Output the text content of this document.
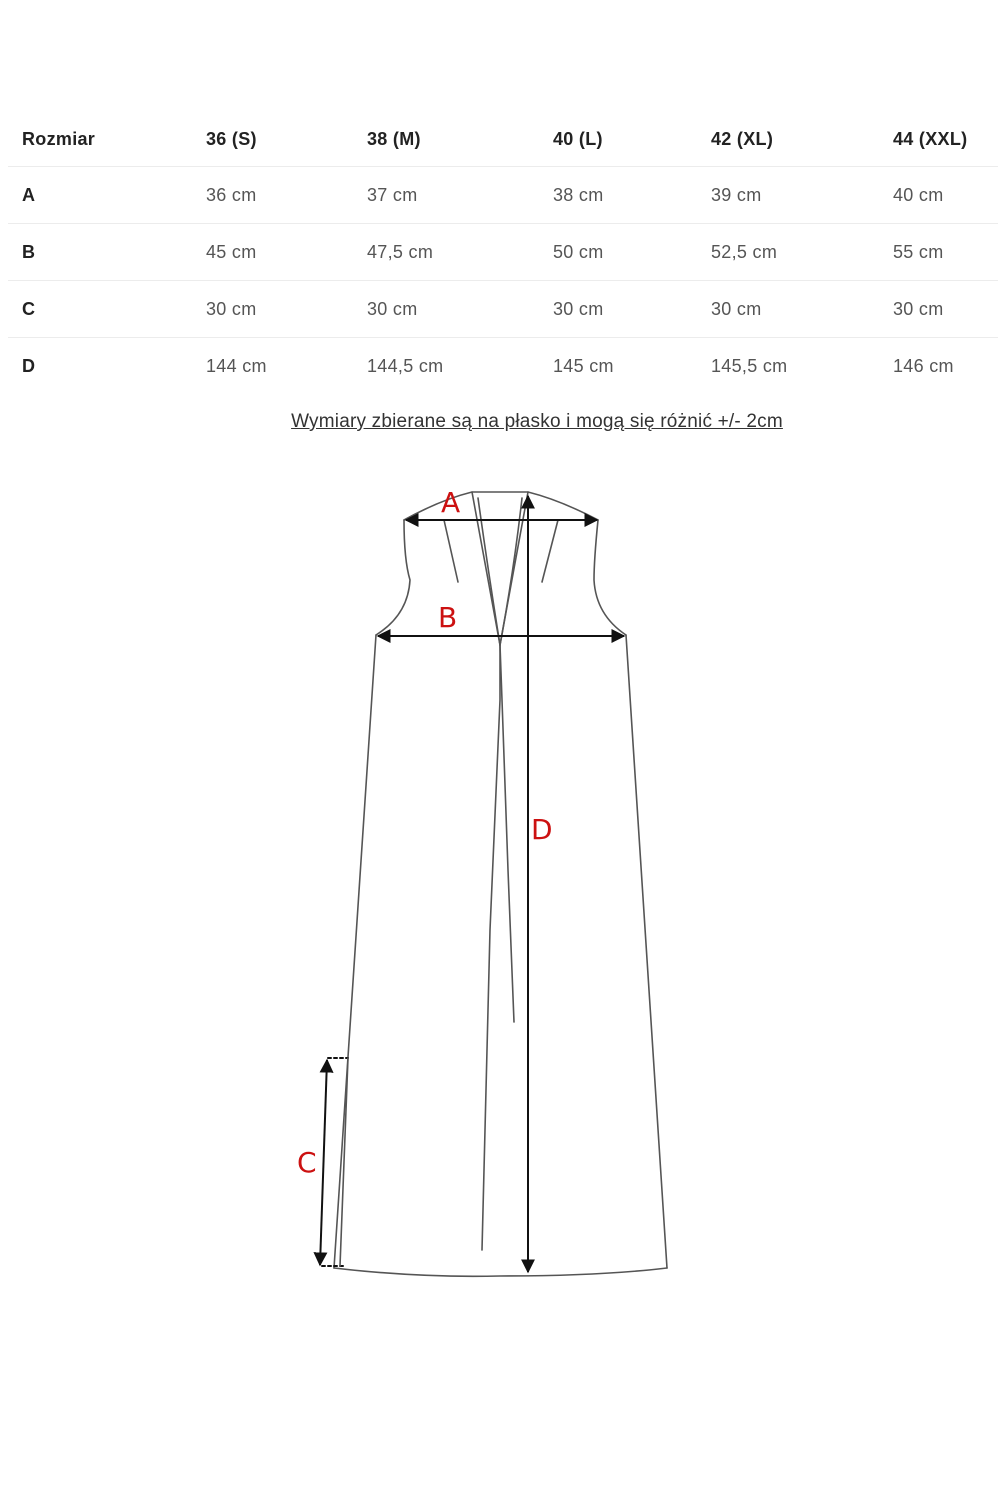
Rozmiar	36 (S)	38 (M)	40 (L)	42 (XL)	44 (XXL)
A	36 cm	37 cm	38 cm	39 cm	40 cm
B	45 cm	47,5 cm	50 cm	52,5 cm	55 cm
C	30 cm	30 cm	30 cm	30 cm	30 cm
D	144 cm	144,5 cm	145 cm	145,5 cm	146 cm
Wymiary zbierane są na płasko i mogą się różnić +/- 2cm
A
B
C
D
